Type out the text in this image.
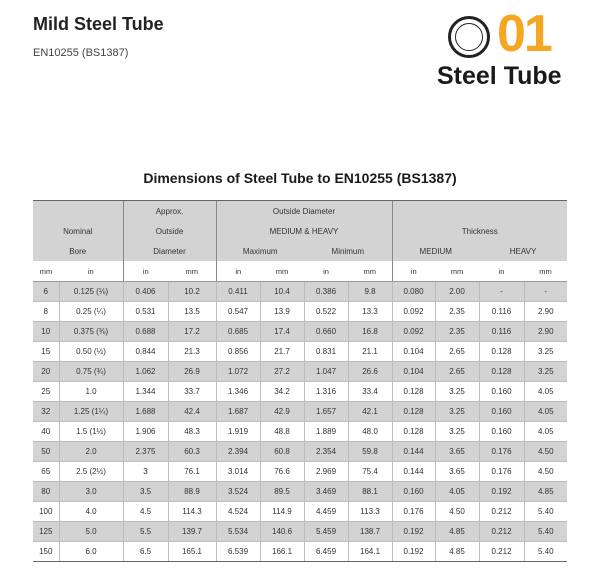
Mild Steel Tube
EN10255 (BS1387)	01
Steel Tube
Dimensions of Steel Tube to EN10255 (BS1387)
		Approx.		Outside Diameter							
Nominal		Outside		MEDIUM & HEAVY				Thickness			
Bore		Diameter		Maximum		Minimum		MEDIUM		HEAVY	
mm	in	in	mm	in	mm	in	mm	in	mm	in	mm
6	0.125 (⅛)	0.406	10.2	0.411	10.4	0.386	9.8	0.080	2.00	-	-
8	0.25 (¼)	0.531	13.5	0.547	13.9	0.522	13.3	0.092	2.35	0.116	2.90
10	0.375 (⅜)	0.688	17.2	0.685	17.4	0.660	16.8	0.092	2.35	0.116	2.90
15	0.50 (½)	0.844	21.3	0.856	21.7	0.831	21.1	0.104	2.65	0.128	3.25
20	0.75 (¾)	1.062	26.9	1.072	27.2	1.047	26.6	0.104	2.65	0.128	3.25
25	1.0	1.344	33.7	1.346	34.2	1.316	33.4	0.128	3.25	0.160	4.05
32	1.25 (1¼)	1.688	42.4	1.687	42.9	1.657	42.1	0.128	3.25	0.160	4.05
40	1.5 (1½)	1.906	48.3	1.919	48.8	1.889	48.0	0.128	3.25	0.160	4.05
50	2.0	2.375	60.3	2.394	60.8	2.354	59.8	0.144	3.65	0.176	4.50
65	2.5 (2½)	3	76.1	3.014	76.6	2.969	75.4	0.144	3.65	0.176	4.50
80	3.0	3.5	88.9	3.524	89.5	3.469	88.1	0.160	4.05	0.192	4.85
100	4.0	4.5	114.3	4.524	114.9	4.459	113.3	0.176	4.50	0.212	5.40
125	5.0	5.5	139.7	5.534	140.6	5.459	138.7	0.192	4.85	0.212	5.40
150	6.0	6.5	165.1	6.539	166.1	6.459	164.1	0.192	4.85	0.212	5.40
